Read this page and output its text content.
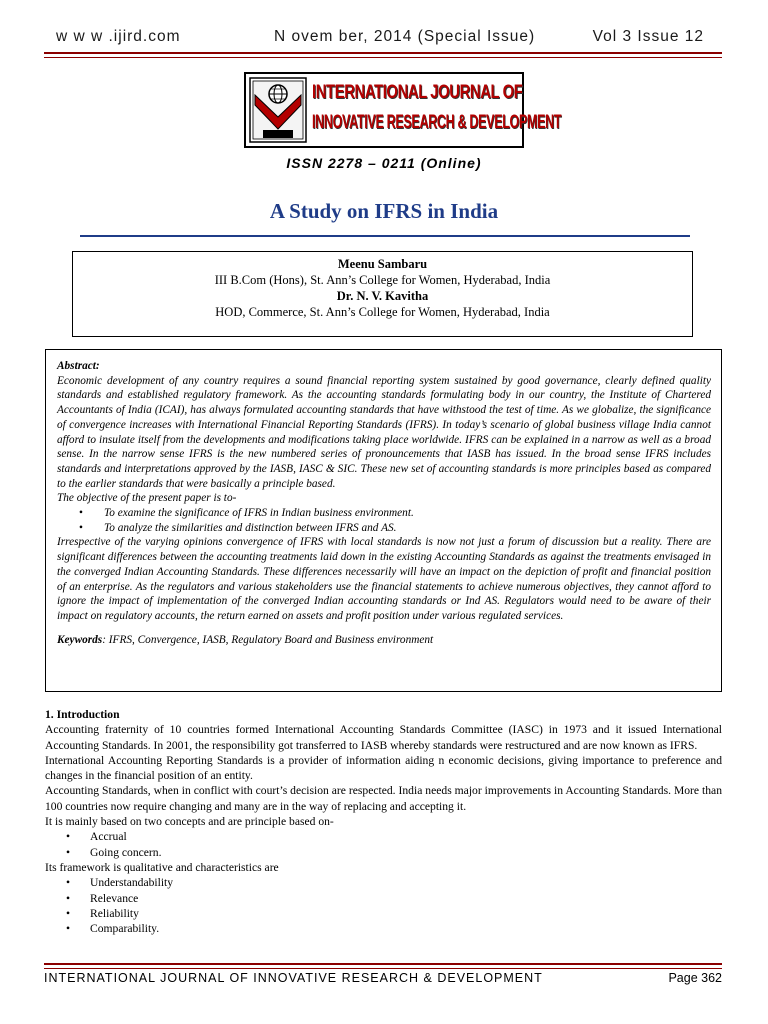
w w w .ijird.com	N ovem ber, 2014 (Special Issue)	Vol 3 Issue 12
INTERNATIONAL JOURNAL OF
INNOVATIVE RESEARCH & DEVELOPMENT
ISSN 2278 – 0211 (Online)
A Study on IFRS in India
Meenu Sambaru
III B.Com (Hons), St. Ann’s College for Women, Hyderabad, India
Dr. N. V. Kavitha
HOD, Commerce, St. Ann’s College for Women, Hyderabad, India

Abstract:

Economic development of any country requires a sound financial reporting system sustained by good governance, clearly defined quality standards and established regulatory framework. As the accounting standards formulating body in our country, the Institute of Chartered Accountants of India (ICAI), has always formulated accounting standards that have withstood the test of time. As we globalize, the significance of convergence increases with International Financial Reporting Standards (IFRS). In today’s scenario of global business village India cannot afford to insulate itself from the developments and modifications taking place worldwide. IFRS can be explained in a narrow as well as a broad sense. In the narrow sense IFRS is the new numbered series of pronouncements that IASB has issued. In the broad sense IFRS includes standards and interpretations approved by the IASB, IASC & SIC. These new set of accounting standards is more principles based as compared to the earlier standards that were basically a principle based.

The objective of the present paper is to-

• To examine the significance of IFRS in Indian business environment.
• To analyze the similarities and distinction between IFRS and AS.

Irrespective of the varying opinions convergence of IFRS with local standards is now not just a forum of discussion but a reality. There are significant differences between the accounting treatments laid down in the existing Accounting Standards as against the treatments envisaged in the converged Indian Accounting Standards. These differences necessarily will have an impact on the depiction of profit and financial position of an enterprise. As the regulators and various stakeholders use the financial statements to achieve numerous objectives, they cannot afford to ignore the impact of implementation of the converged Indian accounting standards or Ind AS. Regulators would need to be aware of their impact on regulatory accounts, the return earned on assets and profit position under various regulated services.

Keywords: IFRS, Convergence, IASB, Regulatory Board and Business environment

1. Introduction

Accounting fraternity of 10 countries formed International Accounting Standards Committee (IASC) in 1973 and it issued International Accounting Standards. In 2001, the responsibility got transferred to IASB whereby standards were restructured and are now known as IFRS.

International Accounting Reporting Standards is a provider of information aiding n economic decisions, giving importance to preference and changes in the financial position of an entity.

Accounting Standards, when in conflict with court’s decision are respected. India needs major improvements in Accounting Standards. More than 100 countries now require changing and many are in the way of replacing and accepting it.

It is mainly based on two concepts and are principle based on-

• Accrual
• Going concern.

Its framework is qualitative and characteristics are

• Understandability
• Relevance
• Reliability
• Comparability.
INTERNATIONAL JOURNAL OF INNOVATIVE RESEARCH & DEVELOPMENT	Page 362
